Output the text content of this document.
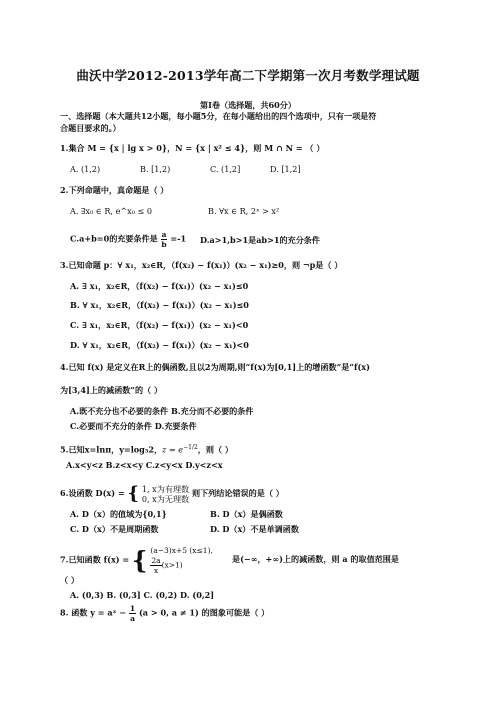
曲沃中学2012-2013学年高二下学期第一次月考数学理试题
第Ⅰ卷（选择题，共60分）
一、选择题（本大题共12小题，每小题5分，在每小题给出的四个选项中，只有一项是符
合题目要求的。）
1.集合 M = {x | lg x > 0}，N = {x | x² ≤ 4}，则 M ∩ N = （ ）
A. (1,2)	B. [1,2)	C. (1,2]	D. [1,2]
2.下列命题中，真命题是（ ）
A. ∃x₀ ∈ R, e^x₀ ≤ 0	B. ∀x ∈ R, 2ˣ > x²
C.a+b=0的充要条件是 $\frac{a}{b} =-1$ D.a>1,b>1是ab>1的充分条件
3.已知命题 p：∀ x₁，x₂∈R，（f(x₂) − f(x₁)）(x₂ − x₁)≥0，则 ¬p是（ ）
A. ∃ x₁，x₂∈R，（f(x₂) − f(x₁)）(x₂ − x₁)≤0
B. ∀ x₁，x₂∈R，（f(x₂) − f(x₁)）(x₂ − x₁)≤0
C. ∃ x₁，x₂∈R，（f(x₂) − f(x₁)）(x₂ − x₁)<0
D. ∀ x₁，x₂∈R，（f(x₂) − f(x₁)）(x₂ − x₁)<0
4.已知 f(x) 是定义在R上的偶函数,且以2为周期,则“f(x)为[0,1]上的增函数”是“f(x)
为[3,4]上的减函数”的（ ）
A.既不充分也不必要的条件 B.充分而不必要的条件
C.必要而不充分的条件 D.充要条件
5.已知x=lnπ，y=log₅2，$z = e^{-1/2}$，则（ ）
A.x<y<z B.z<x<y C.z<y<x D.y<z<x
6.设函数 D(x) = { 1, x为有理数
0, x为无理数
则下列结论错误的是（ ）
A. D（x）的值域为{0,1}	B. D（x）是偶函数
C. D（x）不是周期函数	D. D（x）不是单调函数
7.已知函数 f(x) = { (a−3)x+5 (x≤1),
$\frac{2a}{x} (x>1)$
是(−∞，+∞)上的减函数，则 a 的取值范围是
（ ）
A. (0,3) B. (0,3] C. (0,2) D. (0,2]
8. 函数 y = aˣ − $\frac{1}{a} (a > 0$, a ≠ 1) 的图象可能是（ ）
